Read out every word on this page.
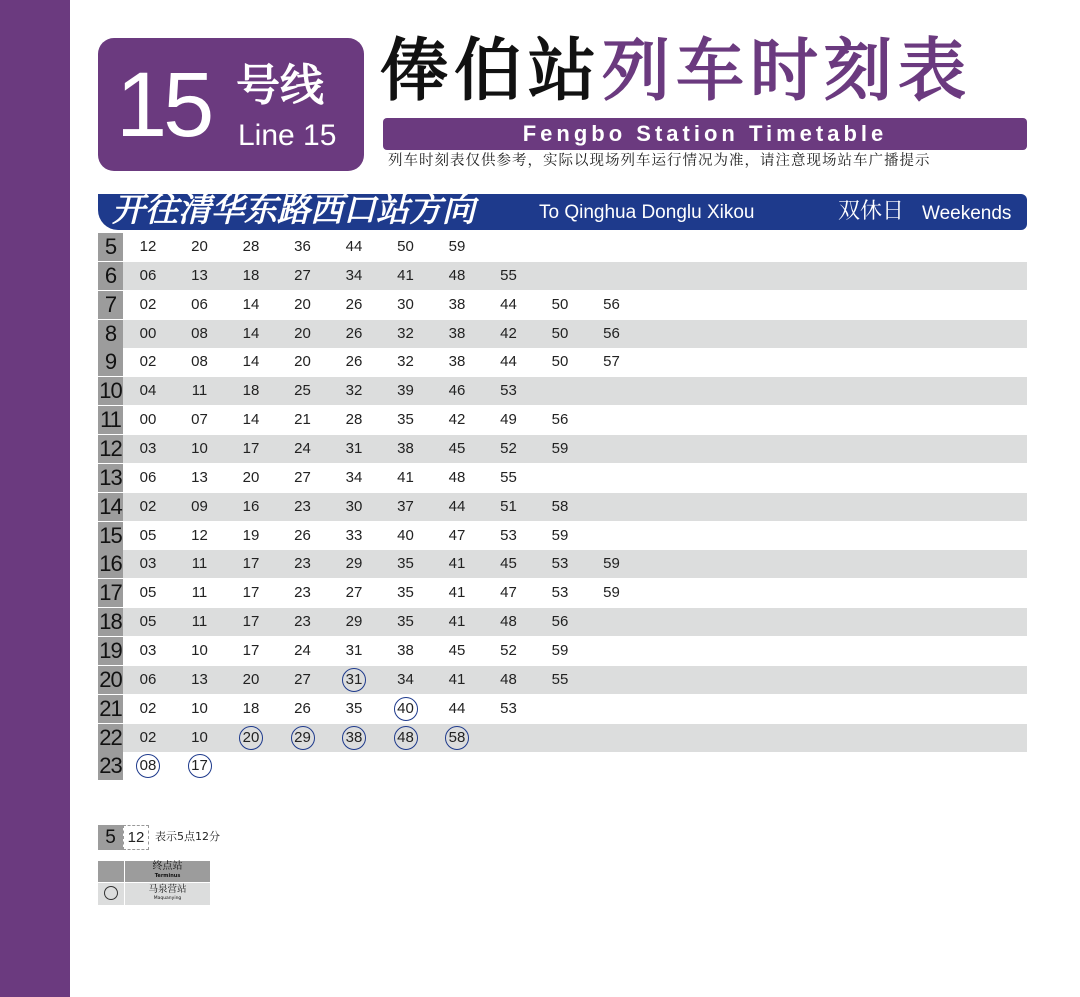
15 号线
Line 15
俸伯站列车时刻表
Fengbo Station Timetable
列车时刻表仅供参考，实际以现场列车运行情况为准，请注意现场站车广播提示
开往清华东路西口站方向	To Qinghua Donglu Xikou	双休日 Weekends
5	12	20	28	36	44	50	59
6	06	13	18	27	34	41	48	55
7	02	06	14	20	26	30	38	44	50	56
8	00	08	14	20	26	32	38	42	50	56
9	02	08	14	20	26	32	38	44	50	57
10	04	11	18	25	32	39	46	53
11	00	07	14	21	28	35	42	49	56
12	03	10	17	24	31	38	45	52	59
13	06	13	20	27	34	41	48	55
14	02	09	16	23	30	37	44	51	58
15	05	12	19	26	33	40	47	53	59
16	03	11	17	23	29	35	41	45	53	59
17	05	11	17	23	27	35	41	47	53	59
18	05	11	17	23	29	35	41	48	56
19	03	10	17	24	31	38	45	52	59
20	06	13	20	27	31	34	41	48	55
21	02	10	18	26	35	40	44	53
22	02	10	20 29 38 48 58
23 08 17
5 12 表示5点12分
终点站
Terminus
马泉营站
Maquanying
